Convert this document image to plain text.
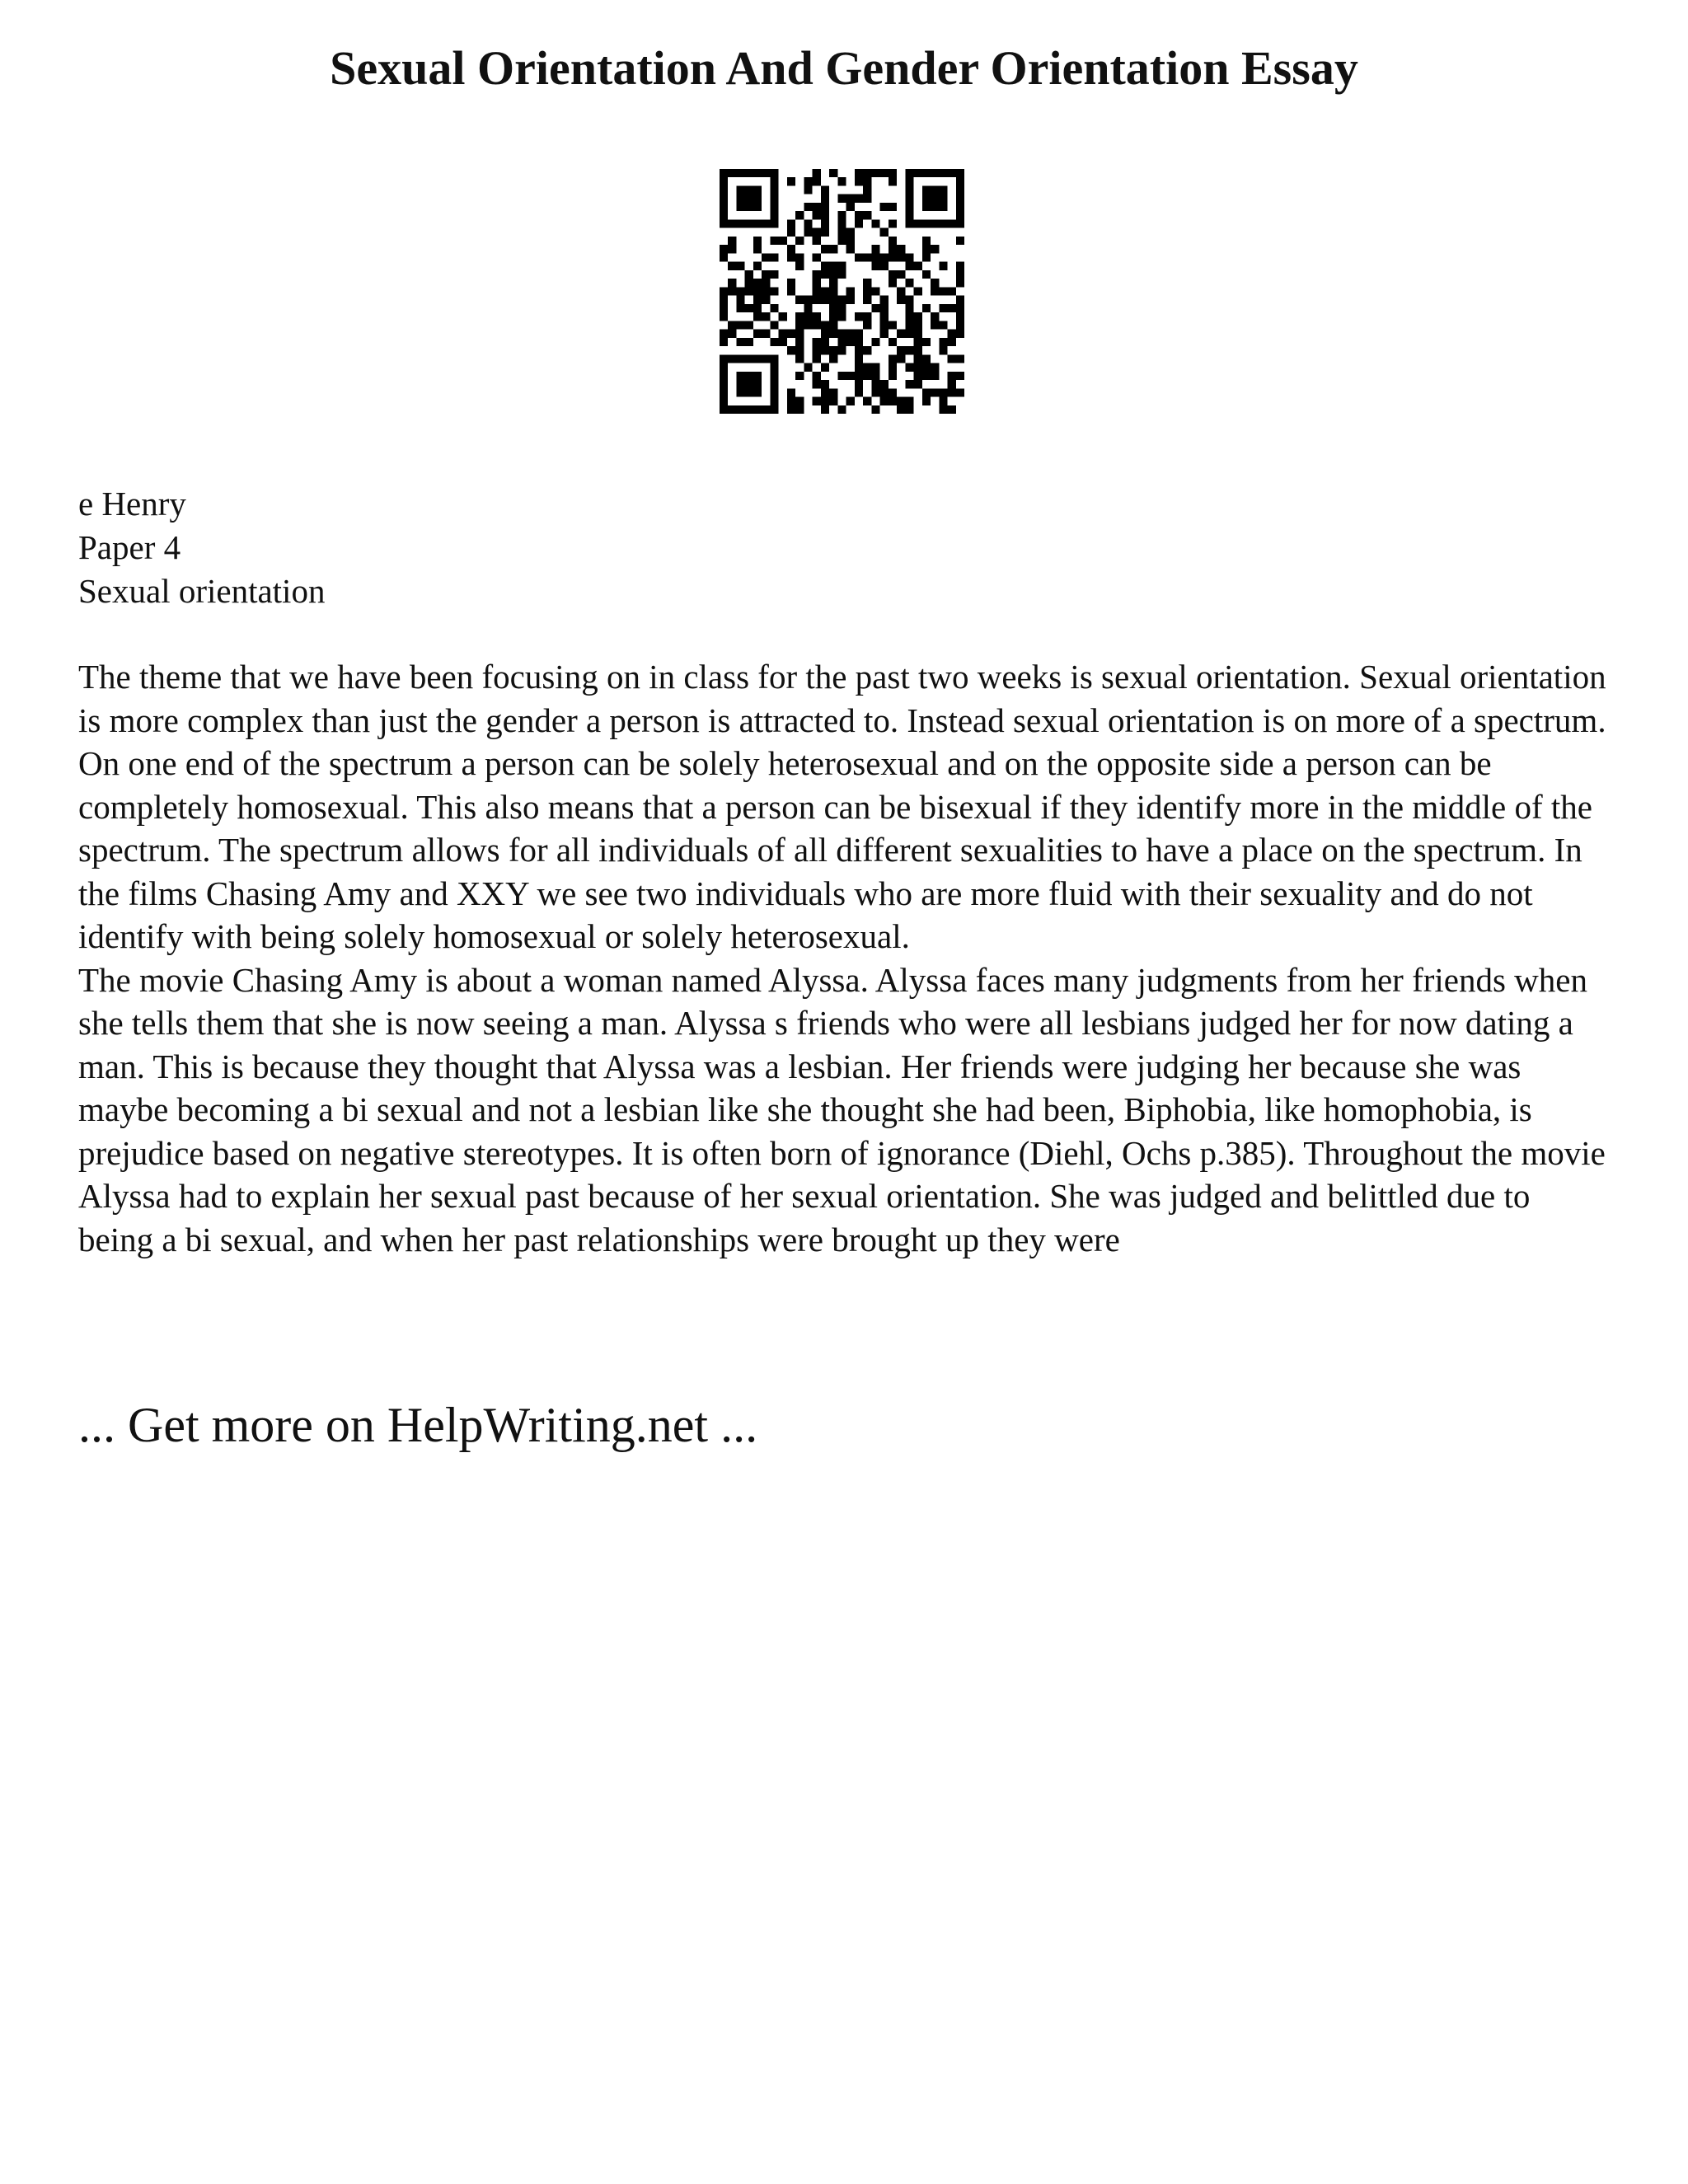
Sexual Orientation And Gender Orientation Essay
e Henry
Paper 4
Sexual orientation

The theme that we have been focusing on in class for the past two weeks is sexual orientation. Sexual orientation is more complex than just the gender a person is attracted to. Instead sexual orientation is on more of a spectrum. On one end of the spectrum a person can be solely heterosexual and on the opposite side a person can be completely homosexual. This also means that a person can be bisexual if they identify more in the middle of the spectrum. The spectrum allows for all individuals of all different sexualities to have a place on the spectrum. In the films Chasing Amy and XXY we see two individuals who are more fluid with their sexuality and do not identify with being solely homosexual or solely heterosexual.

The movie Chasing Amy is about a woman named Alyssa. Alyssa faces many judgments from her friends when she tells them that she is now seeing a man. Alyssa s friends who were all lesbians judged her for now dating a man. This is because they thought that Alyssa was a lesbian. Her friends were judging her because she was maybe becoming a bi sexual and not a lesbian like she thought she had been, Biphobia, like homophobia, is prejudice based on negative stereotypes. It is often born of ignorance (Diehl, Ochs p.385). Throughout the movie Alyssa had to explain her sexual past because of her sexual orientation. She was judged and belittled due to being a bi sexual, and when her past relationships were brought up they were

... Get more on HelpWriting.net ...
